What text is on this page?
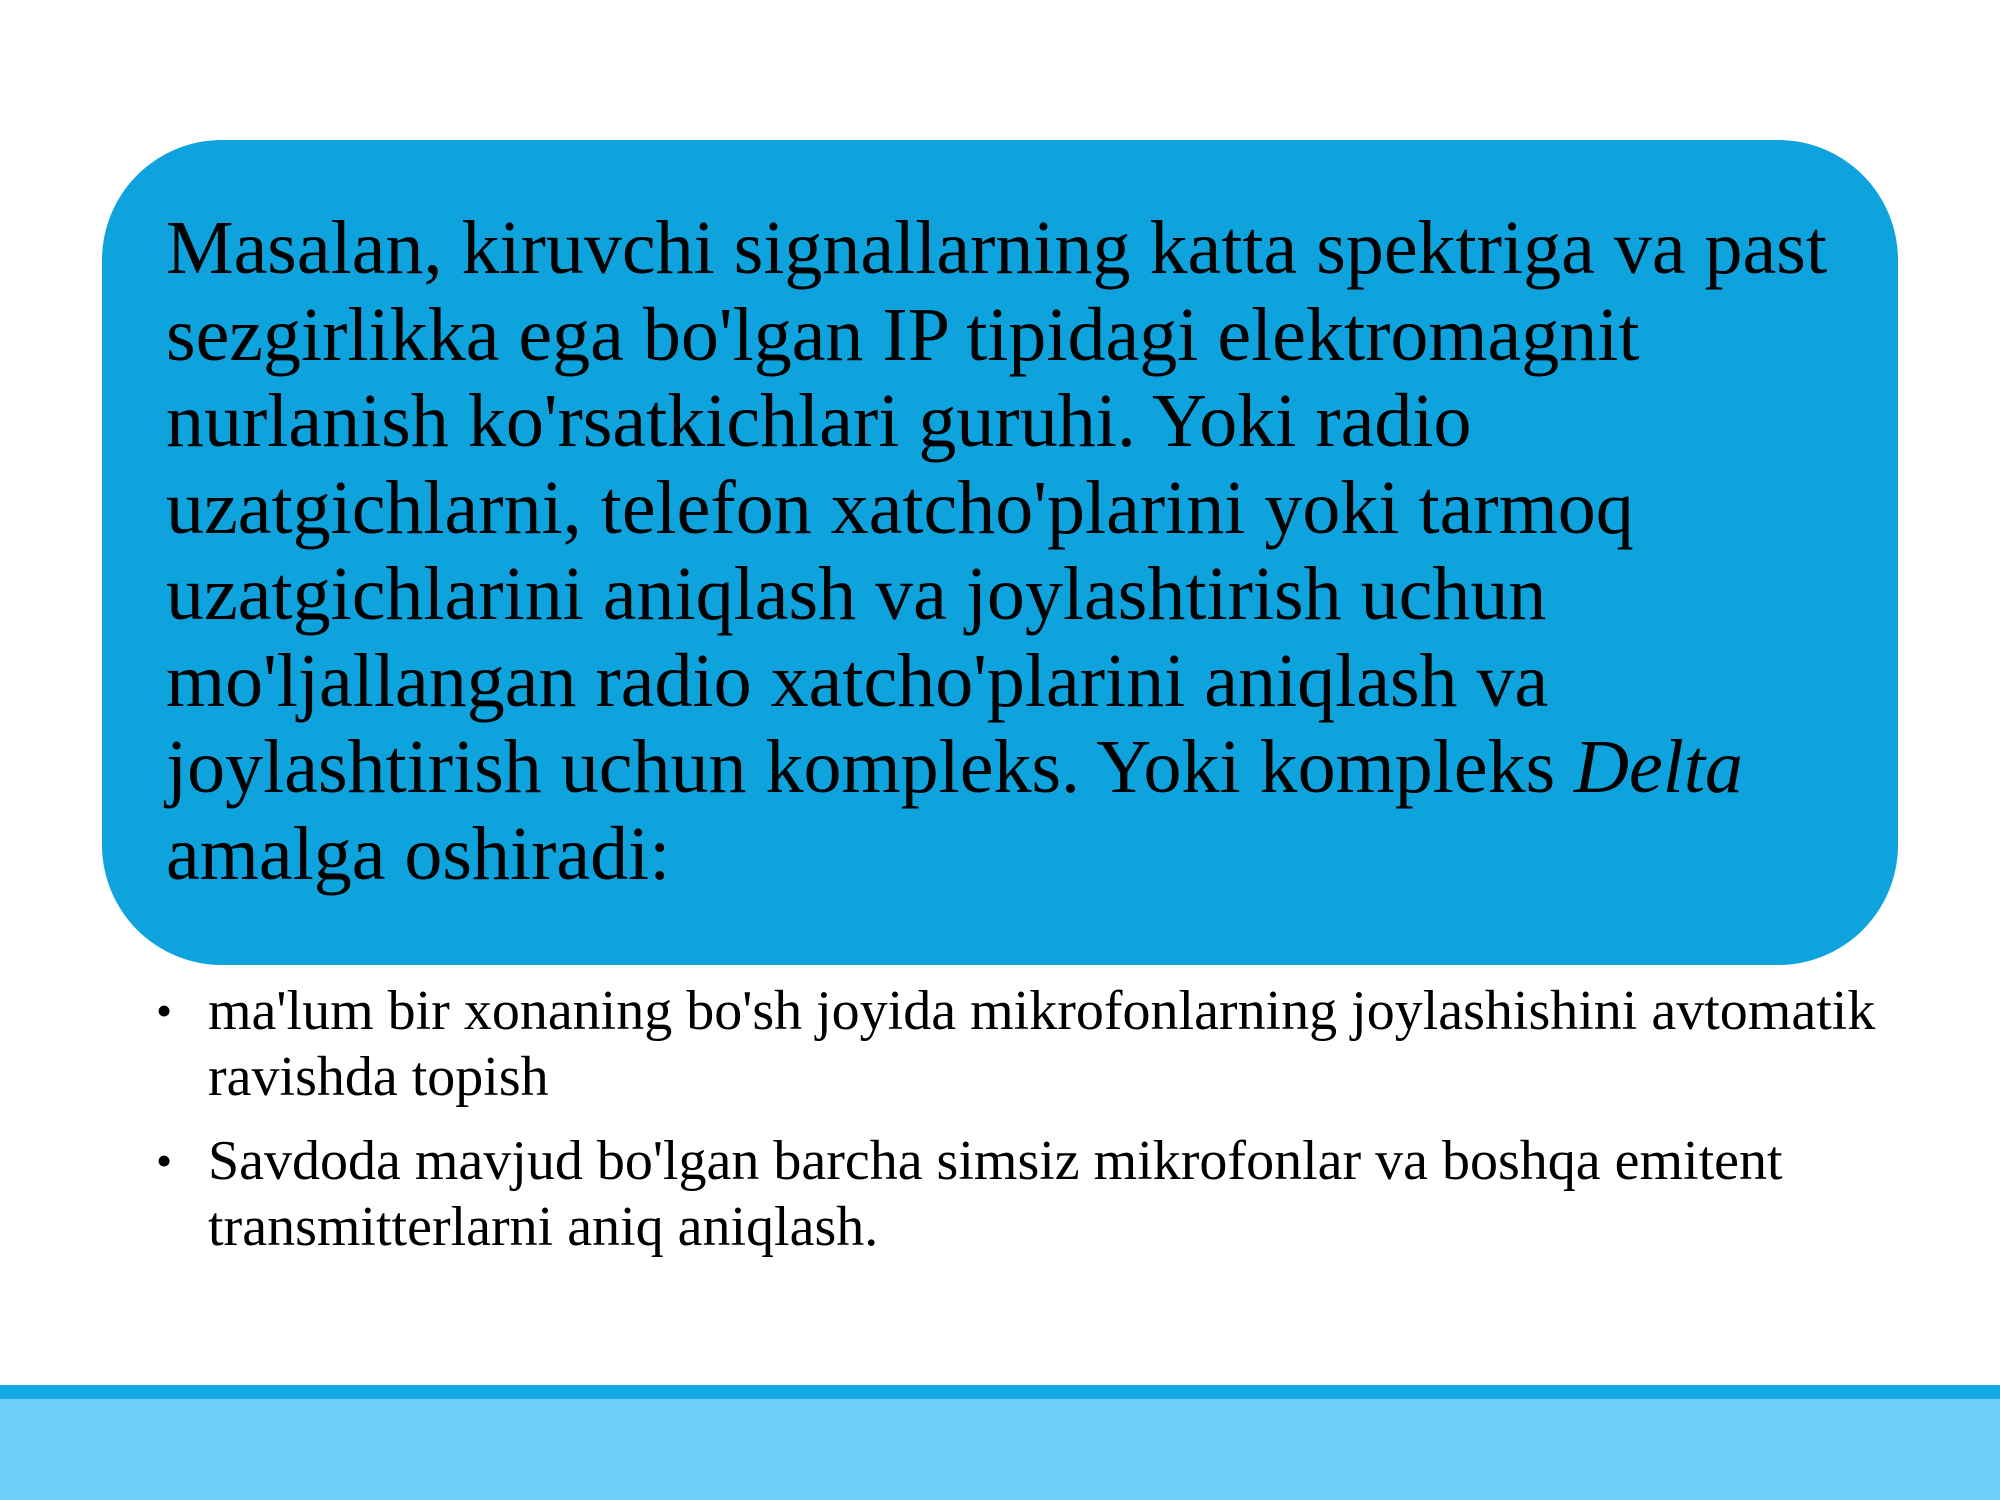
Masalan, kiruvchi signallarning katta spektriga va past sezgirlikka ega bo'lgan IP tipidagi elektromagnit nurlanish ko'rsatkichlari guruhi. Yoki radio uzatgichlarni, telefon xatcho'plarini yoki tarmoq uzatgichlarini aniqlash va joylashtirish uchun mo'ljallangan radio xatcho'plarini aniqlash va joylashtirish uchun kompleks. Yoki kompleks Delta amalga oshiradi:

• ma'lum bir xonaning bo'sh joyida mikrofonlarning joylashishini avtomatik ravishda topish
• Savdoda mavjud bo'lgan barcha simsiz mikrofonlar va boshqa emitent transmitterlarni aniq aniqlash.
